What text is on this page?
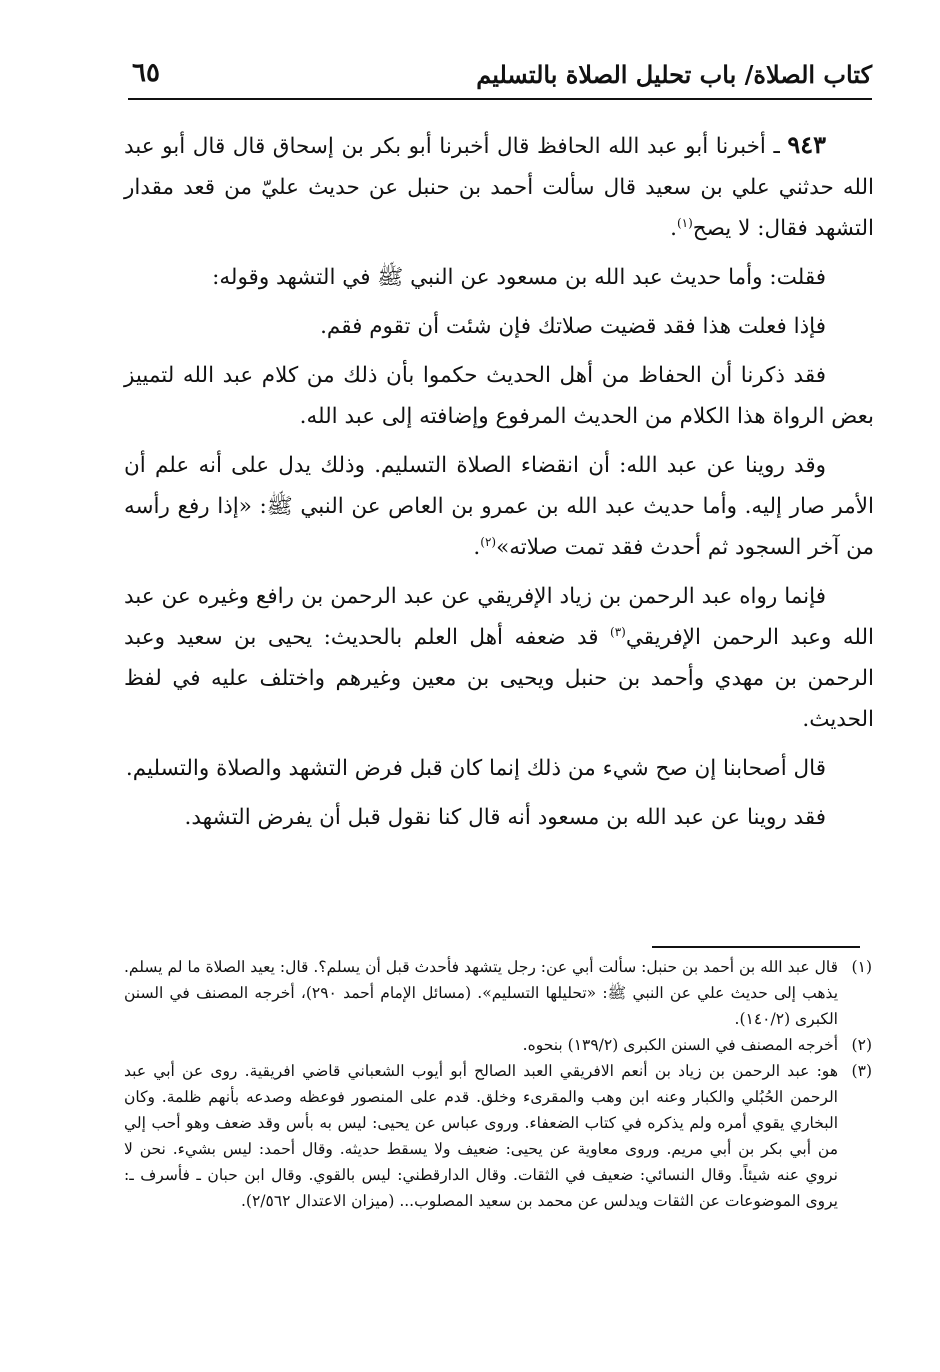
كتاب الصلاة/ باب تحليل الصلاة بالتسليم
٦٥

٩٤٣ ـ أخبرنا أبو عبد الله الحافظ قال أخبرنا أبو بكر بن إسحاق قال قال أبو عبد الله حدثني علي بن سعيد قال سألت أحمد بن حنبل عن حديث عليّ من قعد مقدار التشهد فقال: لا يصح$^{(١)}$.

فقلت: وأما حديث عبد الله بن مسعود عن النبي ﷺ في التشهد وقوله:

فإذا فعلت هذا فقد قضيت صلاتك فإن شئت أن تقوم فقم.

فقد ذكرنا أن الحفاظ من أهل الحديث حكموا بأن ذلك من كلام عبد الله لتمييز بعض الرواة هذا الكلام من الحديث المرفوع وإضافته إلى عبد الله.

وقد روينا عن عبد الله: أن انقضاء الصلاة التسليم. وذلك يدل على أنه علم أن الأمر صار إليه. وأما حديث عبد الله بن عمرو بن العاص عن النبي ﷺ: «إذا رفع رأسه من آخر السجود ثم أحدث فقد تمت صلاته»$^{(٢)}$.

فإنما رواه عبد الرحمن بن زياد الإفريقي عن عبد الرحمن بن رافع وغيره عن عبد الله وعبد الرحمن الإفريقي$^{(٣)}$ قد ضعفه أهل العلم بالحديث: يحيى بن سعيد وعبد الرحمن بن مهدي وأحمد بن حنبل ويحيى بن معين وغيرهم واختلف عليه في لفظ الحديث.

قال أصحابنا إن صح شيء من ذلك إنما كان قبل فرض التشهد والصلاة والتسليم.

فقد روينا عن عبد الله بن مسعود أنه قال كنا نقول قبل أن يفرض التشهد.

(١)
قال عبد الله بن أحمد بن حنبل: سألت أبي عن: رجل يتشهد فأحدث قبل أن يسلم؟. قال: يعيد الصلاة ما لم يسلم. يذهب إلى حديث علي عن النبي ﷺ: «تحليلها التسليم». (مسائل الإمام أحمد ٢٩٠)، أخرجه المصنف في السنن الكبرى (١٤٠/٢).
(٢)
أخرجه المصنف في السنن الكبرى (١٣٩/٢) بنحوه.
(٣)
هو: عبد الرحمن بن زياد بن أنعم الافريقي العبد الصالح أبو أيوب الشعباني قاضي افريقية. روى عن أبي عبد الرحمن الحُبُلي والكبار وعنه ابن وهب والمقرىء وخلق. قدم على المنصور فوعظه وصدعه بأنهم ظلمة. وكان البخاري يقوي أمره ولم يذكره في كتاب الضعفاء. وروى عباس عن يحيى: ليس به بأس وقد ضعف وهو أحب إلي من أبي بكر بن أبي مريم. وروى معاوية عن يحيى: ضعيف ولا يسقط حديثه. وقال أحمد: ليس بشيء. نحن لا نروي عنه شيئاً. وقال النسائي: ضعيف في الثقات. وقال الدارقطني: ليس بالقوي. وقال ابن حبان ـ فأسرف ـ: يروى الموضوعات عن الثقات ويدلس عن محمد بن سعيد المصلوب... (ميزان الاعتدال ٢/٥٦٢).
